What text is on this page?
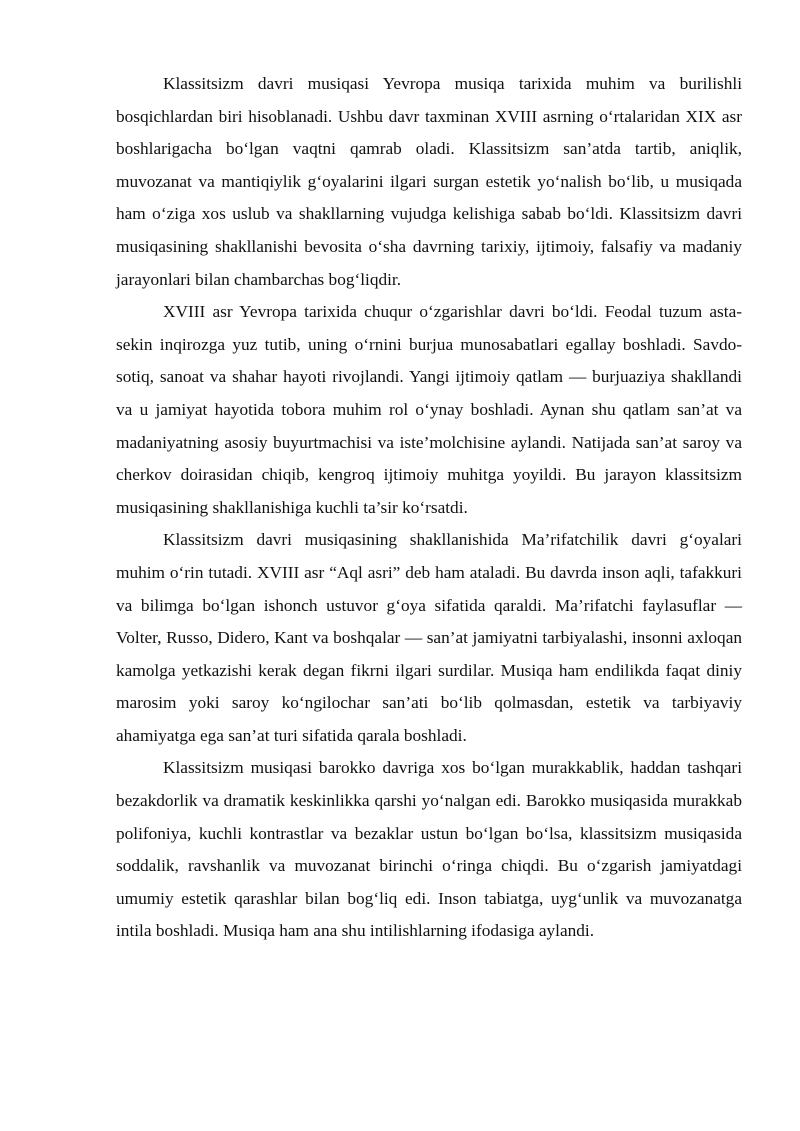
Klassitsizm davri musiqasi Yevropa musiqa tarixida muhim va burilishli bosqichlardan biri hisoblanadi. Ushbu davr taxminan XVIII asrning oʻrtalaridan XIX asr boshlarigacha boʻlgan vaqtni qamrab oladi. Klassitsizm san’atda tartib, aniqlik, muvozanat va mantiqiylik gʻoyalarini ilgari surgan estetik yoʻnalish boʻlib, u musiqada ham oʻziga xos uslub va shakllarning vujudga kelishiga sabab boʻldi. Klassitsizm davri musiqasining shakllanishi bevosita oʻsha davrning tarixiy, ijtimoiy, falsafiy va madaniy jarayonlari bilan chambarchas bogʻliqdir.

XVIII asr Yevropa tarixida chuqur oʻzgarishlar davri boʻldi. Feodal tuzum asta-sekin inqirozga yuz tutib, uning oʻrnini burjua munosabatlari egallay boshladi. Savdo-sotiq, sanoat va shahar hayoti rivojlandi. Yangi ijtimoiy qatlam — burjuaziya shakllandi va u jamiyat hayotida tobora muhim rol oʻynay boshladi. Aynan shu qatlam san’at va madaniyatning asosiy buyurtmachisi va iste’molchisine aylandi. Natijada san’at saroy va cherkov doirasidan chiqib, kengroq ijtimoiy muhitga yoyildi. Bu jarayon klassitsizm musiqasining shakllanishiga kuchli ta’sir koʻrsatdi.

Klassitsizm davri musiqasining shakllanishida Ma’rifatchilik davri gʻoyalari muhim oʻrin tutadi. XVIII asr “Aql asri” deb ham ataladi. Bu davrda inson aqli, tafakkuri va bilimga boʻlgan ishonch ustuvor gʻoya sifatida qaraldi. Ma’rifatchi faylasuflar — Volter, Russo, Didero, Kant va boshqalar — san’at jamiyatni tarbiyalashi, insonni axloqan kamolga yetkazishi kerak degan fikrni ilgari surdilar. Musiqa ham endilikda faqat diniy marosim yoki saroy koʻngilochar san’ati boʻlib qolmasdan, estetik va tarbiyaviy ahamiyatga ega san’at turi sifatida qarala boshladi.

Klassitsizm musiqasi barokko davriga xos boʻlgan murakkablik, haddan tashqari bezakdorlik va dramatik keskinlikka qarshi yoʻnalgan edi. Barokko musiqasida murakkab polifoniya, kuchli kontrastlar va bezaklar ustun boʻlgan boʻlsa, klassitsizm musiqasida soddalik, ravshanlik va muvozanat birinchi oʻringa chiqdi. Bu oʻzgarish jamiyatdagi umumiy estetik qarashlar bilan bogʻliq edi. Inson tabiatga, uygʻunlik va muvozanatga intila boshladi. Musiqa ham ana shu intilishlarning ifodasiga aylandi.
